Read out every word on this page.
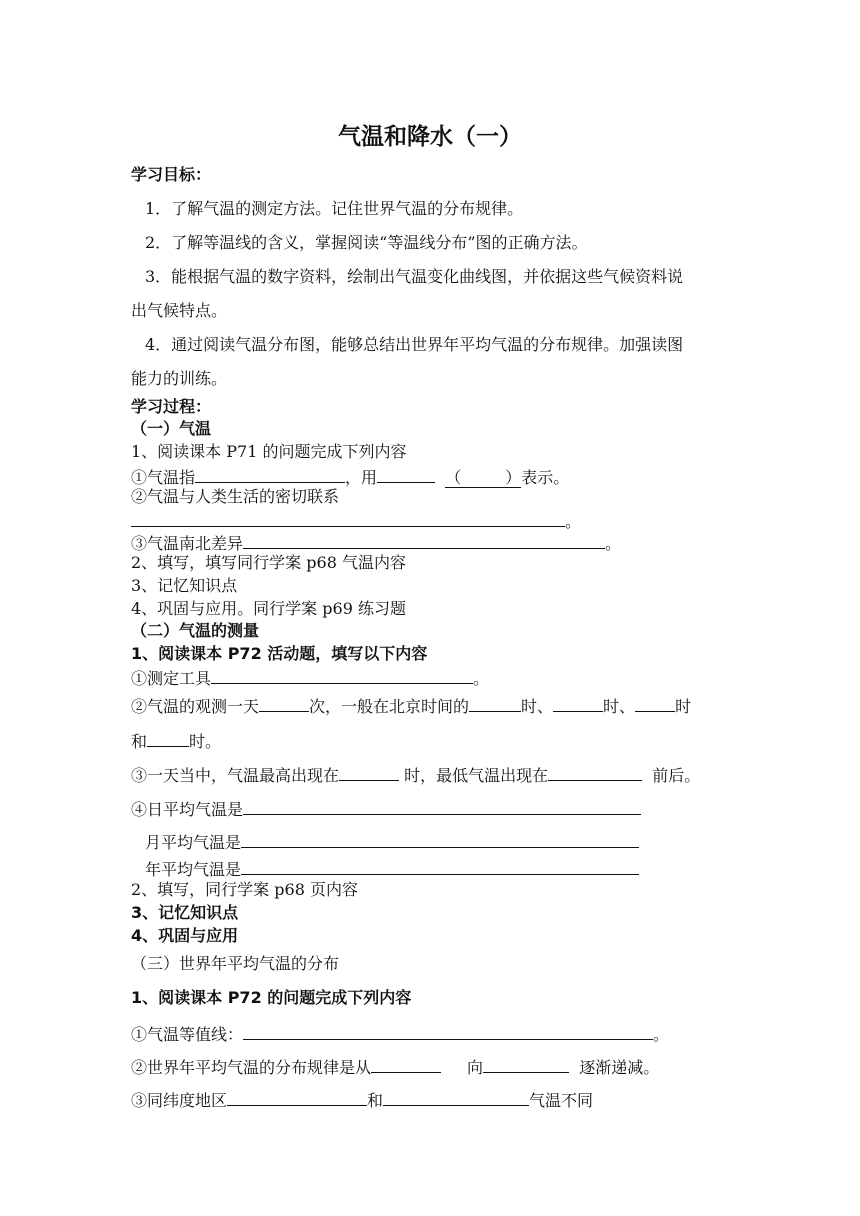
气温和降水（一）
学习目标：
1．了解气温的测定方法。记住世界气温的分布规律。
2．了解等温线的含义，掌握阅读“等温线分布”图的正确方法。
3．能根据气温的数字资料，绘制出气温变化曲线图，并依据这些气候资料说
出气候特点。
4．通过阅读气温分布图，能够总结出世界年平均气温的分布规律。加强读图
能力的训练。
学习过程：
（一）气温
1、阅读课本 P71 的问题完成下列内容
①气温指	，用	（	）表示。
②气温与人类生活的密切联系
。
③气温南北差异	。
2、填写，填写同行学案 p68 气温内容
3、记忆知识点
4、巩固与应用。同行学案 p69 练习题
（二）气温的测量
1、阅读课本 P72 活动题，填写以下内容
①测定工具	。
②气温的观测一天	次，一般在北京时间的	时、	时、	时
和	时。
③一天当中，气温最高出现在	时，最低气温出现在	前后。
④日平均气温是
月平均气温是
年平均气温是
2、填写，同行学案 p68 页内容
3、记忆知识点
4、巩固与应用
（三）世界年平均气温的分布
1、阅读课本 P72 的问题完成下列内容
①气温等值线：	。
②世界年平均气温的分布规律是从	向	逐渐递减。
③同纬度地区	和	气温不同
